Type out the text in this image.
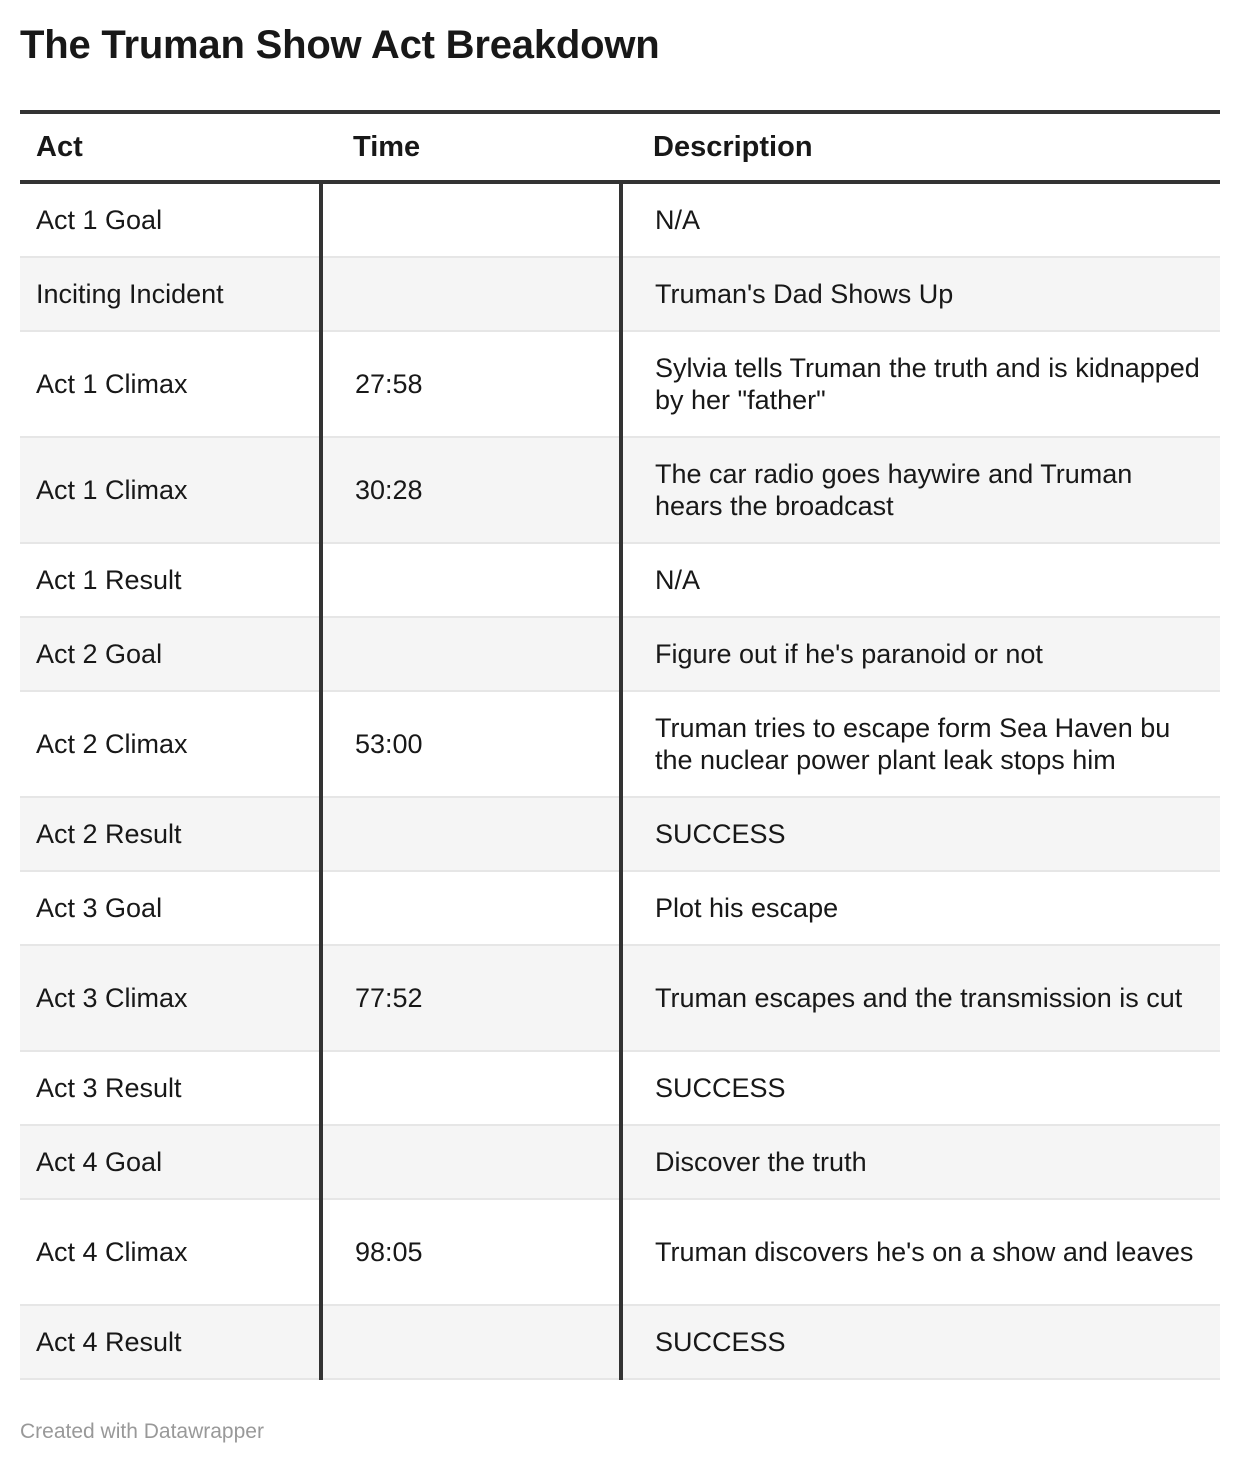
The Truman Show Act Breakdown
Act	Time	Description
Act 1 Goal		N/A
Inciting Incident		Truman's Dad Shows Up
Act 1 Climax	27:58	Sylvia tells Truman the truth and is kidnapped by her "father"
Act 1 Climax	30:28	The car radio goes haywire and Truman hears the broadcast
Act 1 Result		N/A
Act 2 Goal		Figure out if he's paranoid or not
Act 2 Climax	53:00	Truman tries to escape form Sea Haven bu the nuclear power plant leak stops him
Act 2 Result		SUCCESS
Act 3 Goal		Plot his escape
Act 3 Climax	77:52	Truman escapes and the transmission is cut
Act 3 Result		SUCCESS
Act 4 Goal		Discover the truth
Act 4 Climax	98:05	Truman discovers he's on a show and leaves
Act 4 Result		SUCCESS
Created with Datawrapper
